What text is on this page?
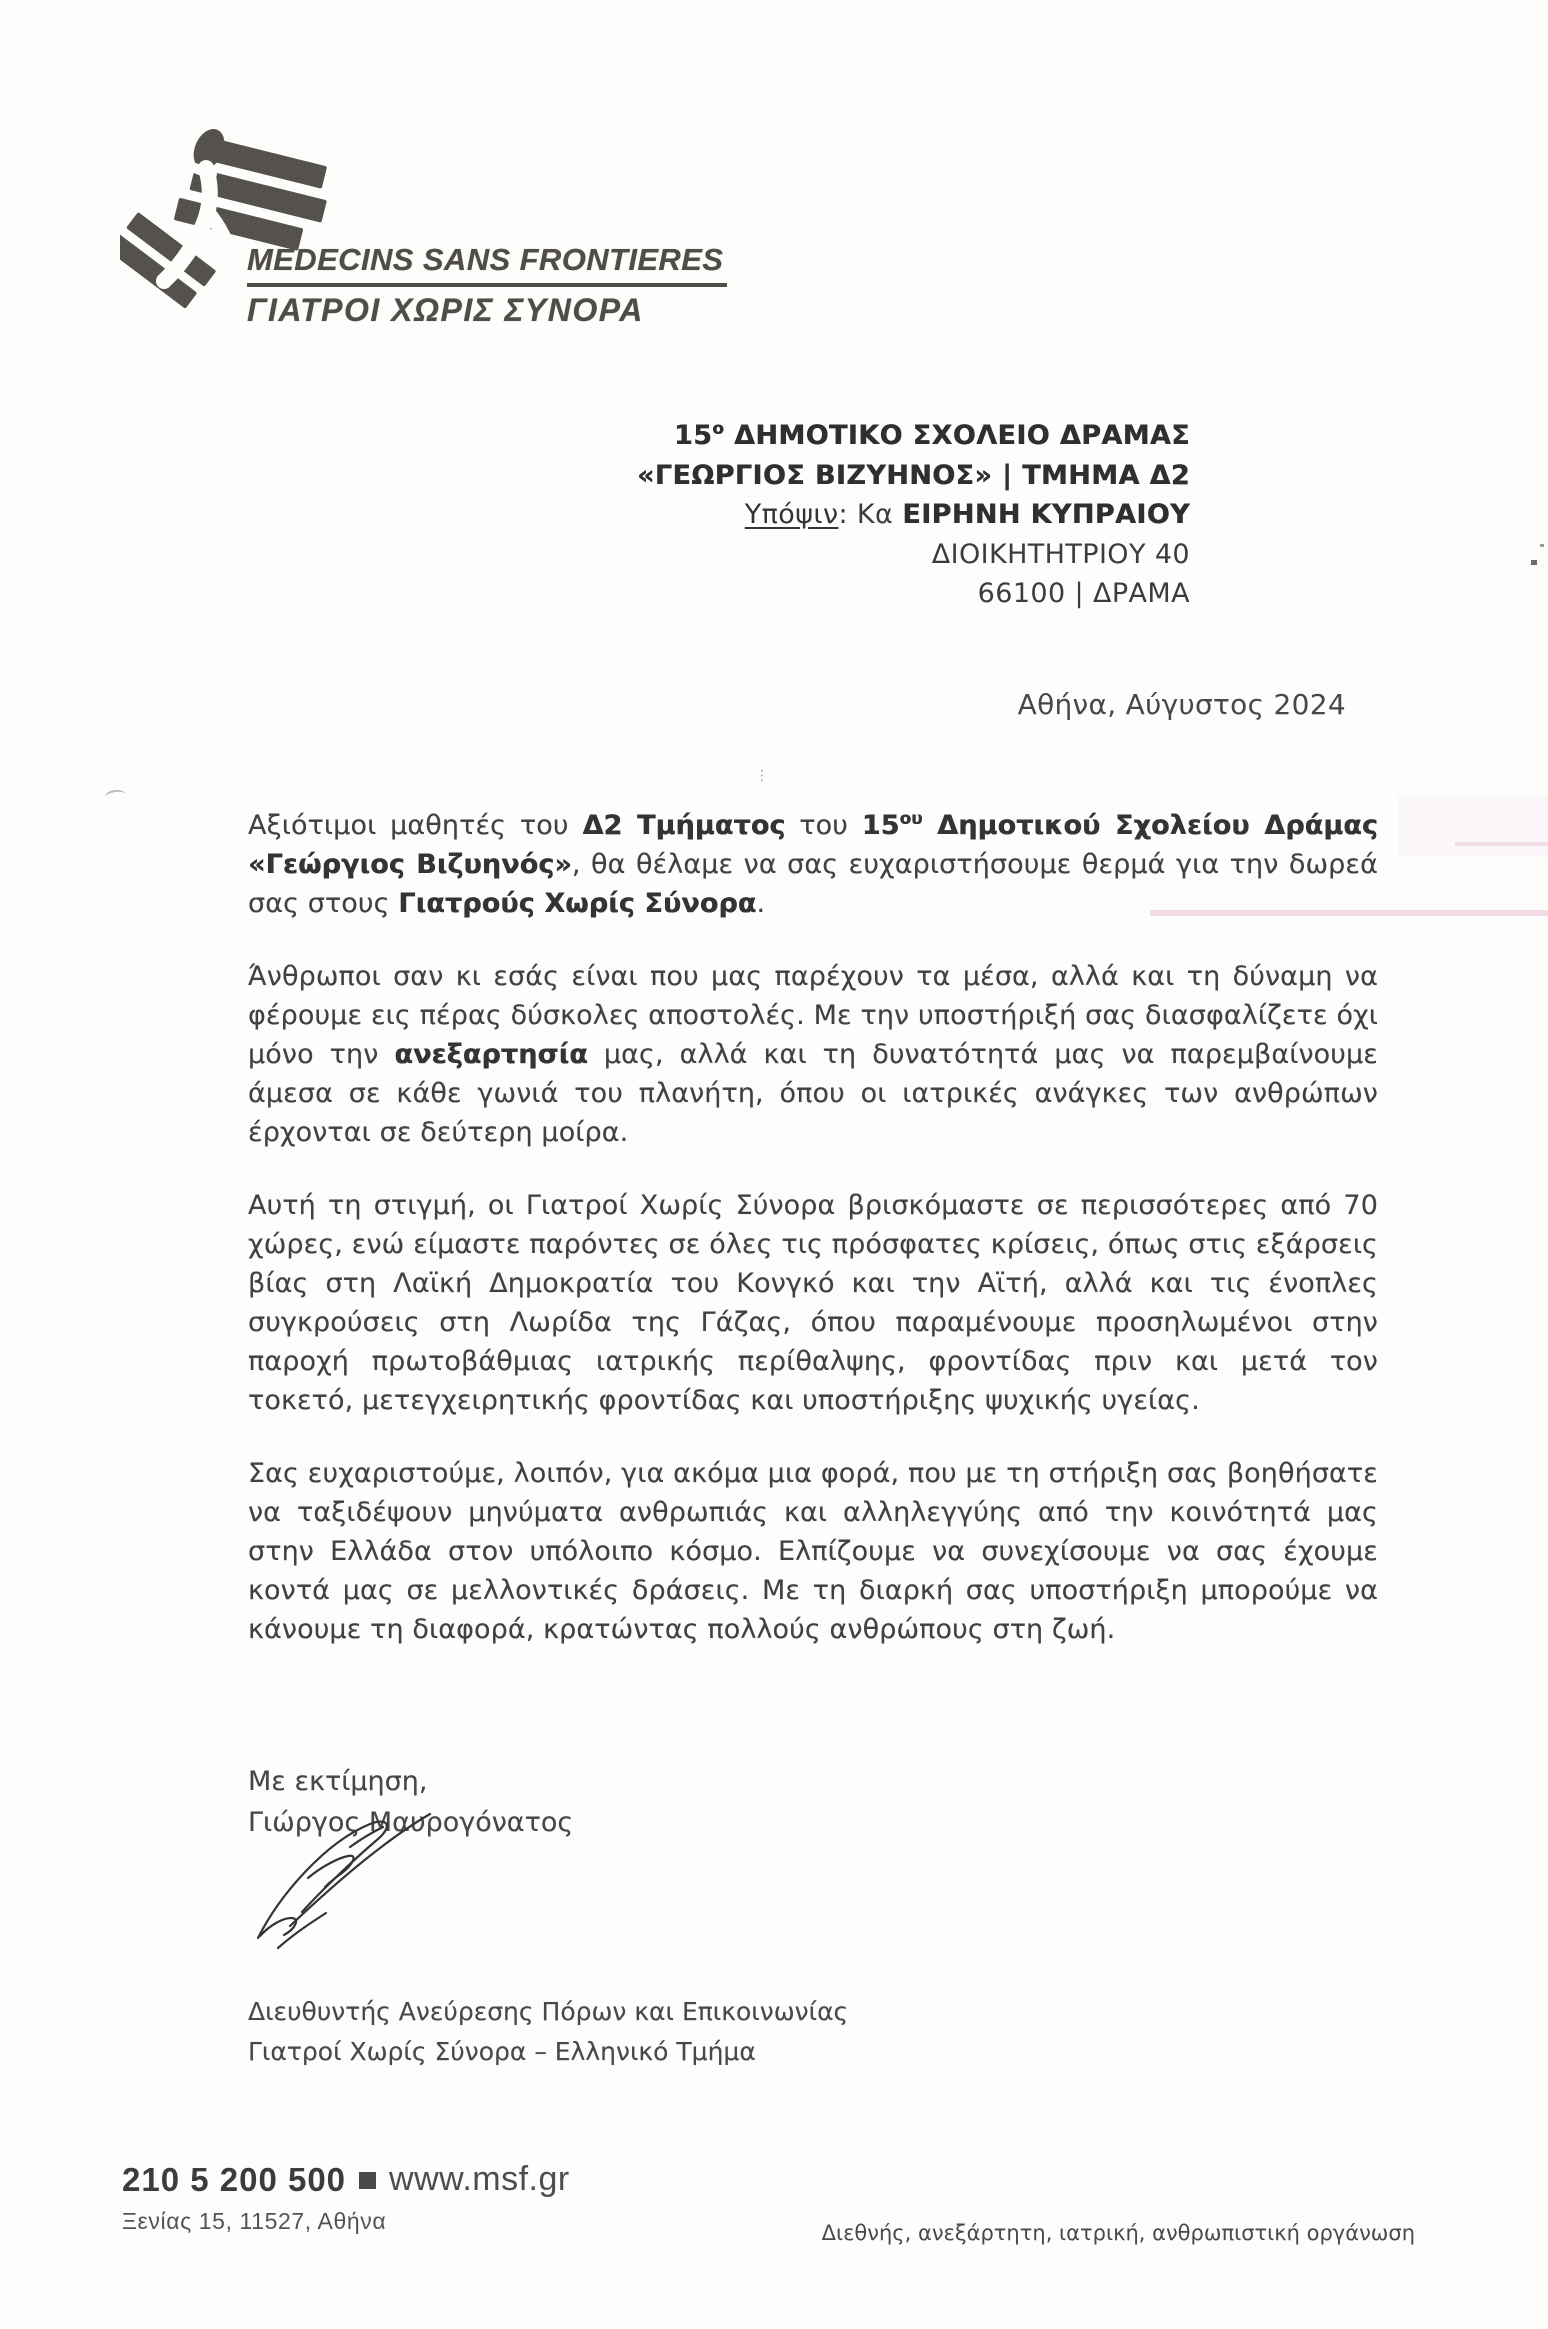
MEDECINS SANS FRONTIERES
ΓΙΑΤΡΟΙ ΧΩΡΙΣ ΣΥΝΟΡΑ
$15^o$ ΔΗΜΟΤΙΚΟ ΣΧΟΛΕΙΟ ΔΡΑΜΑΣ
«ΓΕΩΡΓΙΟΣ ΒΙΖΥΗΝΟΣ» | ΤΜΗΜΑ Δ2
Υπόψιν: Κα ΕΙΡΗΝΗ ΚΥΠΡΑΙΟΥ
ΔΙΟΙΚΗΤΗΤΡΙΟΥ 40
66100 | ΔΡΑΜΑ
Αθήνα, Αύγυστος 2024

Αξιότιμοι μαθητές του Δ2 Τμήματος του $15^{o\upsilon}$ Δημοτικού Σχολείου Δράμας «Γεώργιος Βιζυηνός», θα θέλαμε να σας ευχαριστήσουμε θερμά για την δωρεά σας στους Γιατρούς Χωρίς Σύνορα.

Άνθρωποι σαν κι εσάς είναι που μας παρέχουν τα μέσα, αλλά και τη δύναμη να φέρουμε εις πέρας δύσκολες αποστολές. Με την υποστήριξή σας διασφαλίζετε όχι μόνο την ανεξαρτησία μας, αλλά και τη δυνατότητά μας να παρεμβαίνουμε άμεσα σε κάθε γωνιά του πλανήτη, όπου οι ιατρικές ανάγκες των ανθρώπων έρχονται σε δεύτερη μοίρα.

Αυτή τη στιγμή, οι Γιατροί Χωρίς Σύνορα βρισκόμαστε σε περισσότερες από 70 χώρες, ενώ είμαστε παρόντες σε όλες τις πρόσφατες κρίσεις, όπως στις εξάρσεις βίας στη Λαϊκή Δημοκρατία του Κονγκό και την Αϊτή, αλλά και τις ένοπλες συγκρούσεις στη Λωρίδα της Γάζας, όπου παραμένουμε προσηλωμένοι στην παροχή πρωτοβάθμιας ιατρικής περίθαλψης, φροντίδας πριν και μετά τον τοκετό, μετεγχειρητικής φροντίδας και υποστήριξης ψυχικής υγείας.

Σας ευχαριστούμε, λοιπόν, για ακόμα μια φορά, που με τη στήριξη σας βοηθήσατε να ταξιδέψουν μηνύματα ανθρωπιάς και αλληλεγγύης από την κοινότητά μας στην Ελλάδα στον υπόλοιπο κόσμο. Ελπίζουμε να συνεχίσουμε να σας έχουμε κοντά μας σε μελλοντικές δράσεις. Με τη διαρκή σας υποστήριξη μπορούμε να κάνουμε τη διαφορά, κρατώντας πολλούς ανθρώπους στη ζωή.

Με εκτίμηση,
Γιώργος Μαυρογόνατος
Διευθυντής Ανεύρεσης Πόρων και Επικοινωνίας
Γιατροί Χωρίς Σύνορα – Ελληνικό Τμήμα
210 5 200 500 www.msf.gr
Ξενίας 15, 11527, Αθήνα	Διεθνής, ανεξάρτητη, ιατρική, ανθρωπιστική οργάνωση
⋮
